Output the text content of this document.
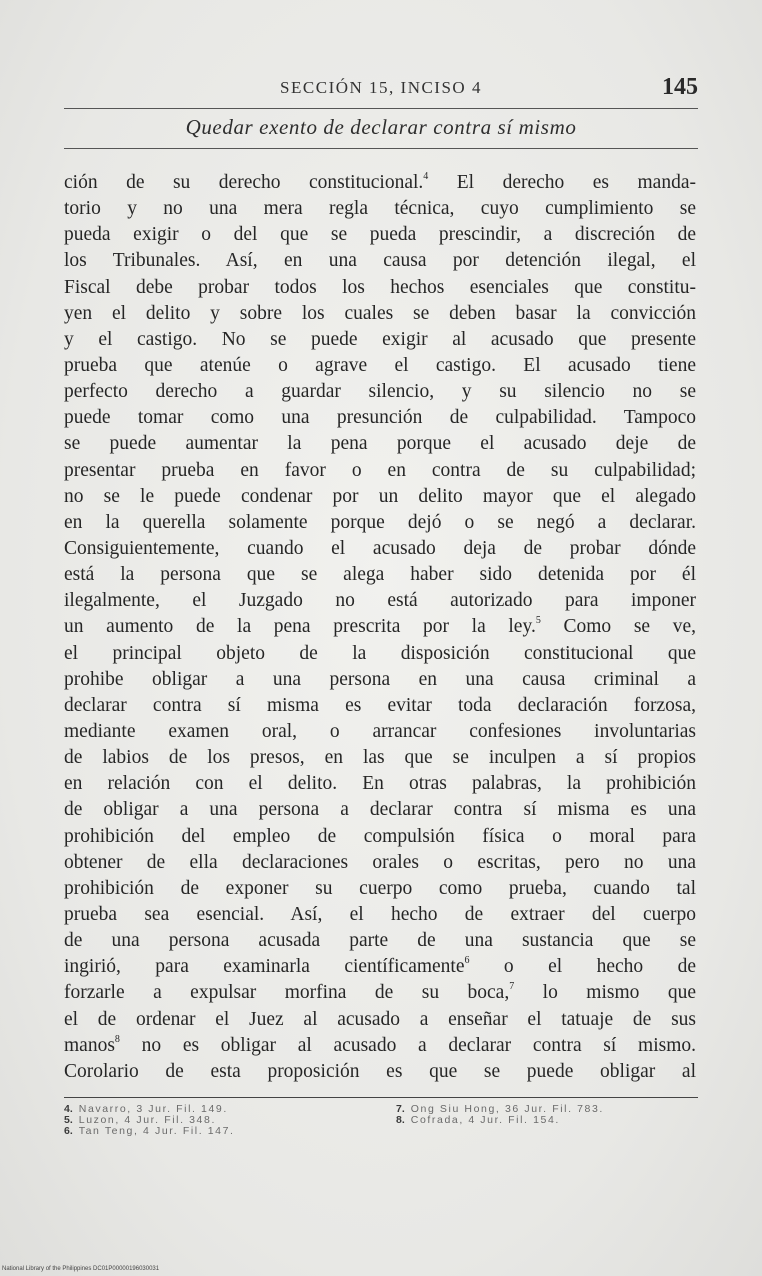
SECCIÓN 15, INCISO 4	145
Quedar exento de declarar contra sí mismo
ción de su derecho constitucional.$^4$ El derecho es manda-
torio y no una mera regla técnica, cuyo cumplimiento se
pueda exigir o del que se pueda prescindir, a discreción de
los Tribunales. Así, en una causa por detención ilegal, el
Fiscal debe probar todos los hechos esenciales que constitu-
yen el delito y sobre los cuales se deben basar la convicción
y el castigo. No se puede exigir al acusado que presente
prueba que atenúe o agrave el castigo. El acusado tiene
perfecto derecho a guardar silencio, y su silencio no se
puede tomar como una presunción de culpabilidad. Tampoco
se puede aumentar la pena porque el acusado deje de
presentar prueba en favor o en contra de su culpabilidad;
no se le puede condenar por un delito mayor que el alegado
en la querella solamente porque dejó o se negó a declarar.
Consiguientemente, cuando el acusado deja de probar dónde
está la persona que se alega haber sido detenida por él
ilegalmente, el Juzgado no está autorizado para imponer
un aumento de la pena prescrita por la ley.$^5$ Como se ve,
el principal objeto de la disposición constitucional que
prohibe obligar a una persona en una causa criminal a
declarar contra sí misma es evitar toda declaración forzosa,
mediante examen oral, o arrancar confesiones involuntarias
de labios de los presos, en las que se inculpen a sí propios
en relación con el delito. En otras palabras, la prohibición
de obligar a una persona a declarar contra sí misma es una
prohibición del empleo de compulsión física o moral para
obtener de ella declaraciones orales o escritas, pero no una
prohibición de exponer su cuerpo como prueba, cuando tal
prueba sea esencial. Así, el hecho de extraer del cuerpo
de una persona acusada parte de una sustancia que se
ingirió, para examinarla científicamente$^6$ o el hecho de
forzarle a expulsar morfina de su boca,$^7$ lo mismo que
el de ordenar el Juez al acusado a enseñar el tatuaje de sus
manos$^8$ no es obligar al acusado a declarar contra sí mismo.
Corolario de esta proposición es que se puede obligar al
4. Navarro, 3 Jur. Fil. 149.
5. Luzon, 4 Jur. Fil. 348.
6. Tan Teng, 4 Jur. Fil. 147.
7. Ong Siu Hong, 36 Jur. Fil. 783.
8. Cofrada, 4 Jur. Fil. 154.
National Library of the Philippines DC01P00000196030031
